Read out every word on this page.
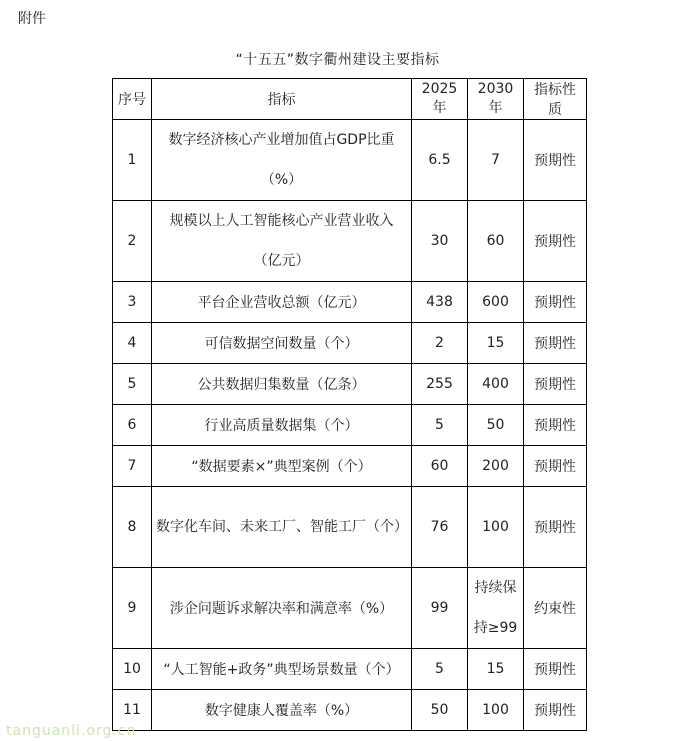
附件
“十五五”数字衢州建设主要指标
序号	指标	2025年	2030年	指标性质
1	数字经济核心产业增加值占GDP比重（%）	6.5	7	预期性
2	规模以上人工智能核心产业营业收入（亿元）	30	60	预期性
3	平台企业营收总额（亿元）	438	600	预期性
4	可信数据空间数量（个）	2	15	预期性
5	公共数据归集数量（亿条）	255	400	预期性
6	行业高质量数据集（个）	5	50	预期性
7	“数据要素×”典型案例（个）	60	200	预期性
8	数字化车间、未来工厂、智能工厂（个）	76	100	预期性
9	涉企问题诉求解决率和满意率（%）	99	持续保持≥99	约束性
10	“人工智能+政务”典型场景数量（个）	5	15	预期性
11	数字健康人覆盖率（%）	50	100	预期性
tanguanli.org.cn
